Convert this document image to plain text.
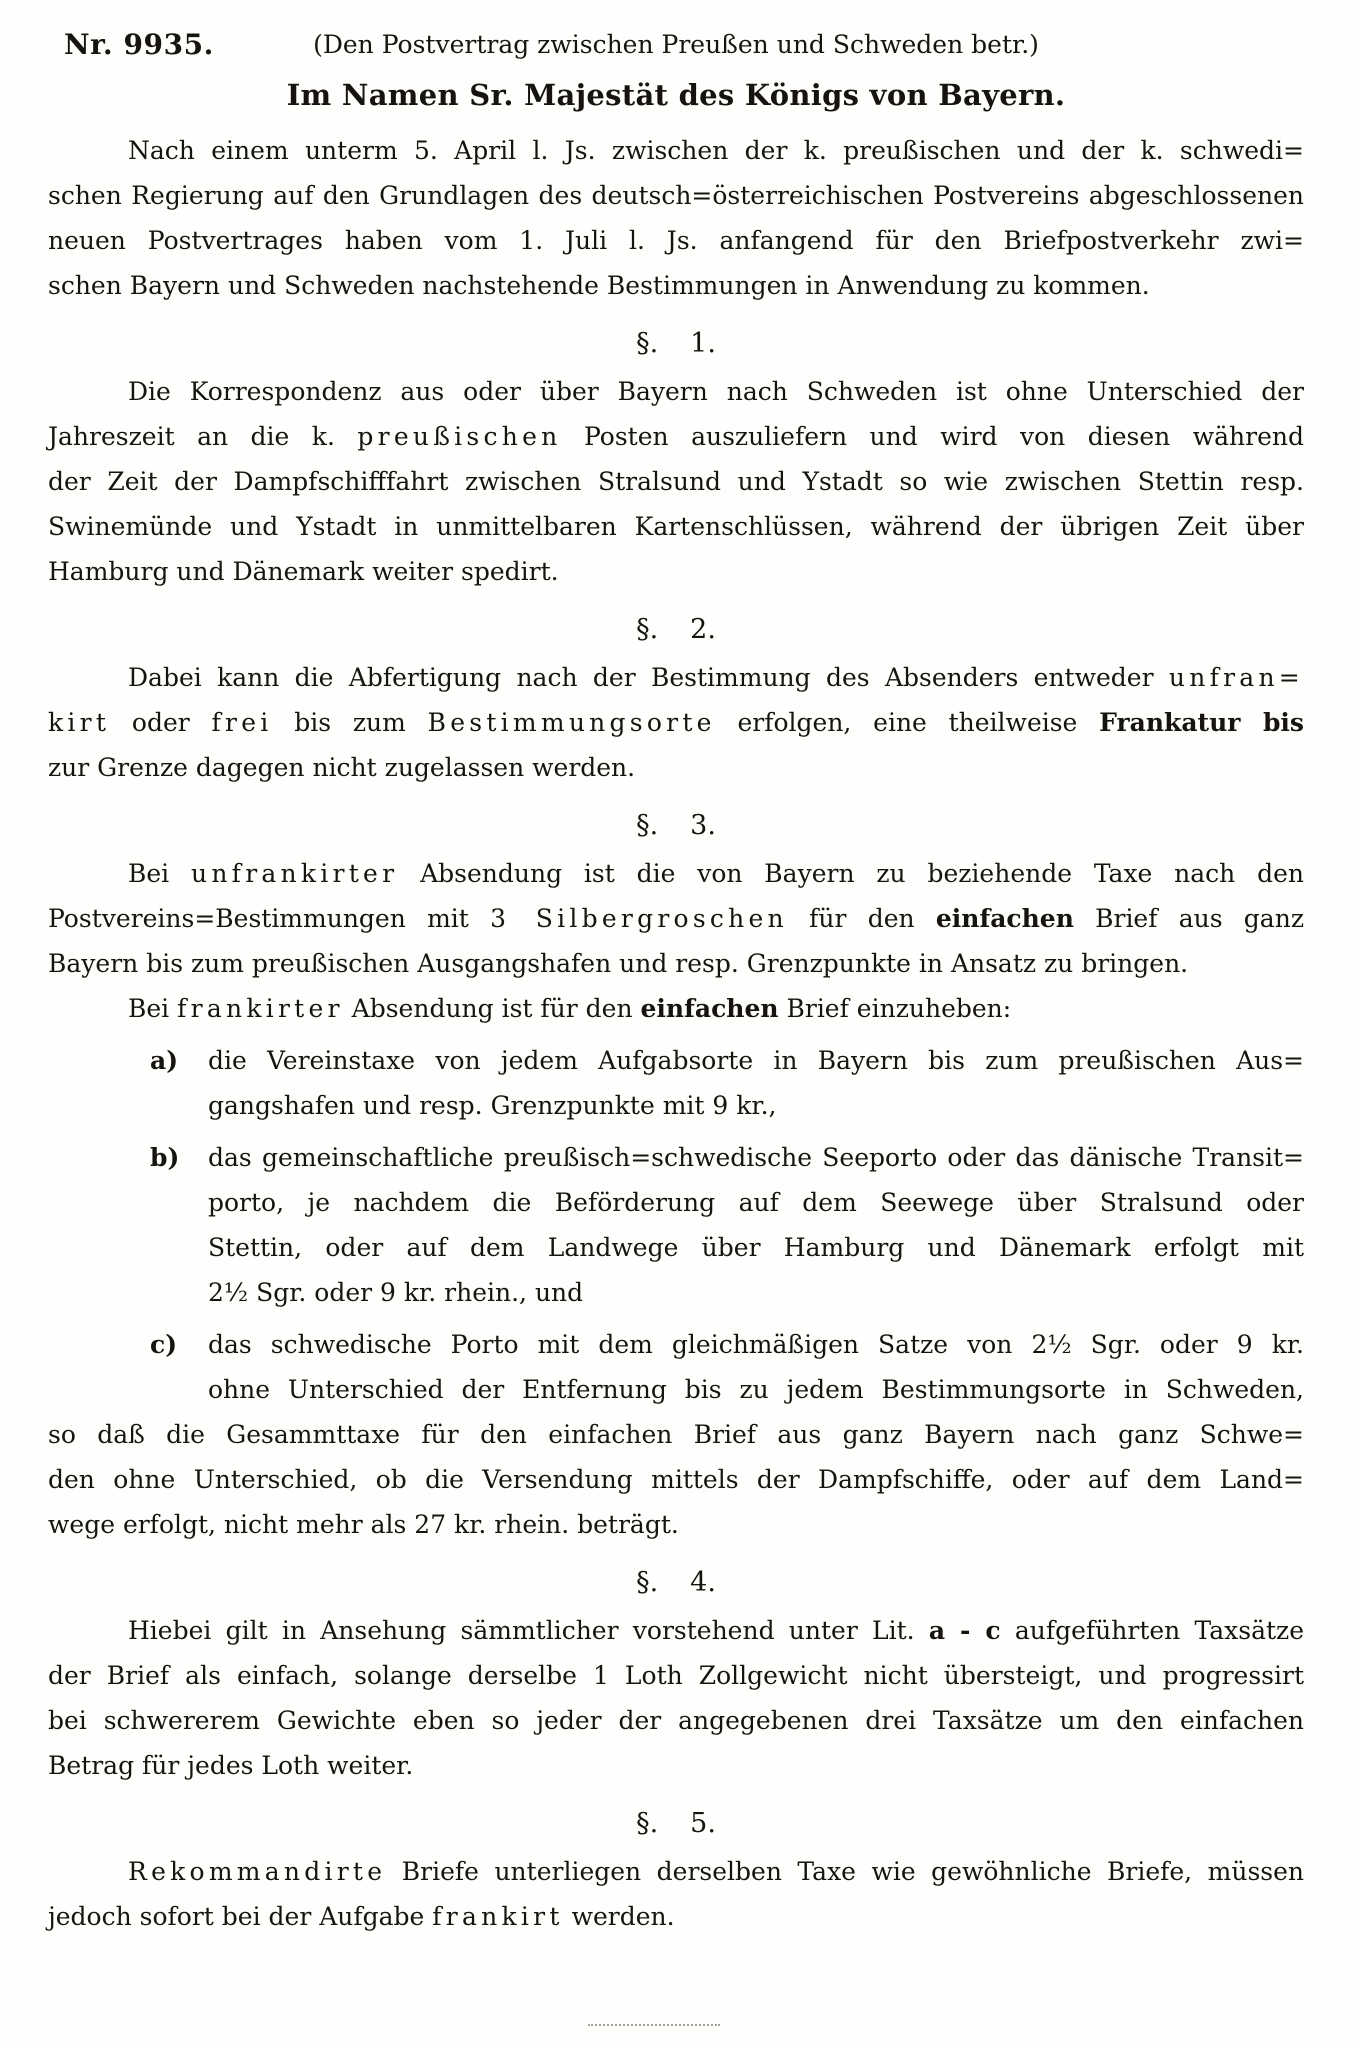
Nr. 9935.	(Den Postvertrag zwischen Preußen und Schweden betr.)
Im Namen Sr. Majestät des Königs von Bayern.
Nach einem unterm 5. April l. Js. zwischen der k. preußischen und der k. schwedi=
schen Regierung auf den Grundlagen des deutsch=österreichischen Postvereins abgeschlossenen
neuen Postvertrages haben vom 1. Juli l. Js. anfangend für den Briefpostverkehr zwi=
schen Bayern und Schweden nachstehende Bestimmungen in Anwendung zu kommen.
§. 1.
Die Korrespondenz aus oder über Bayern nach Schweden ist ohne Unterschied der
Jahreszeit an die k. preußischen Posten auszuliefern und wird von diesen während
der Zeit der Dampfschifffahrt zwischen Stralsund und Ystadt so wie zwischen Stettin resp.
Swinemünde und Ystadt in unmittelbaren Kartenschlüssen, während der übrigen Zeit über
Hamburg und Dänemark weiter spedirt.
§. 2.
Dabei kann die Abfertigung nach der Bestimmung des Absenders entweder unfran=
kirt oder frei bis zum Bestimmungsorte erfolgen, eine theilweise Frankatur bis
zur Grenze dagegen nicht zugelassen werden.
§. 3.
Bei unfrankirter Absendung ist die von Bayern zu beziehende Taxe nach den
Postvereins=Bestimmungen mit 3 Silbergroschen für den einfachen Brief aus ganz
Bayern bis zum preußischen Ausgangshafen und resp. Grenzpunkte in Ansatz zu bringen.
Bei frankirter Absendung ist für den einfachen Brief einzuheben:
a) die Vereinstaxe von jedem Aufgabsorte in Bayern bis zum preußischen Aus=
gangshafen und resp. Grenzpunkte mit 9 kr.,
b) das gemeinschaftliche preußisch=schwedische Seeporto oder das dänische Transit=
porto, je nachdem die Beförderung auf dem Seewege über Stralsund oder
Stettin, oder auf dem Landwege über Hamburg und Dänemark erfolgt mit
2½ Sgr. oder 9 kr. rhein., und
c) das schwedische Porto mit dem gleichmäßigen Satze von 2½ Sgr. oder 9 kr.
ohne Unterschied der Entfernung bis zu jedem Bestimmungsorte in Schweden,
so daß die Gesammttaxe für den einfachen Brief aus ganz Bayern nach ganz Schwe=
den ohne Unterschied, ob die Versendung mittels der Dampfschiffe, oder auf dem Land=
wege erfolgt, nicht mehr als 27 kr. rhein. beträgt.
§. 4.
Hiebei gilt in Ansehung sämmtlicher vorstehend unter Lit. a - c aufgeführten Taxsätze
der Brief als einfach, solange derselbe 1 Loth Zollgewicht nicht übersteigt, und progressirt
bei schwererem Gewichte eben so jeder der angegebenen drei Taxsätze um den einfachen
Betrag für jedes Loth weiter.
§. 5.
Rekommandirte Briefe unterliegen derselben Taxe wie gewöhnliche Briefe, müssen
jedoch sofort bei der Aufgabe frankirt werden.
